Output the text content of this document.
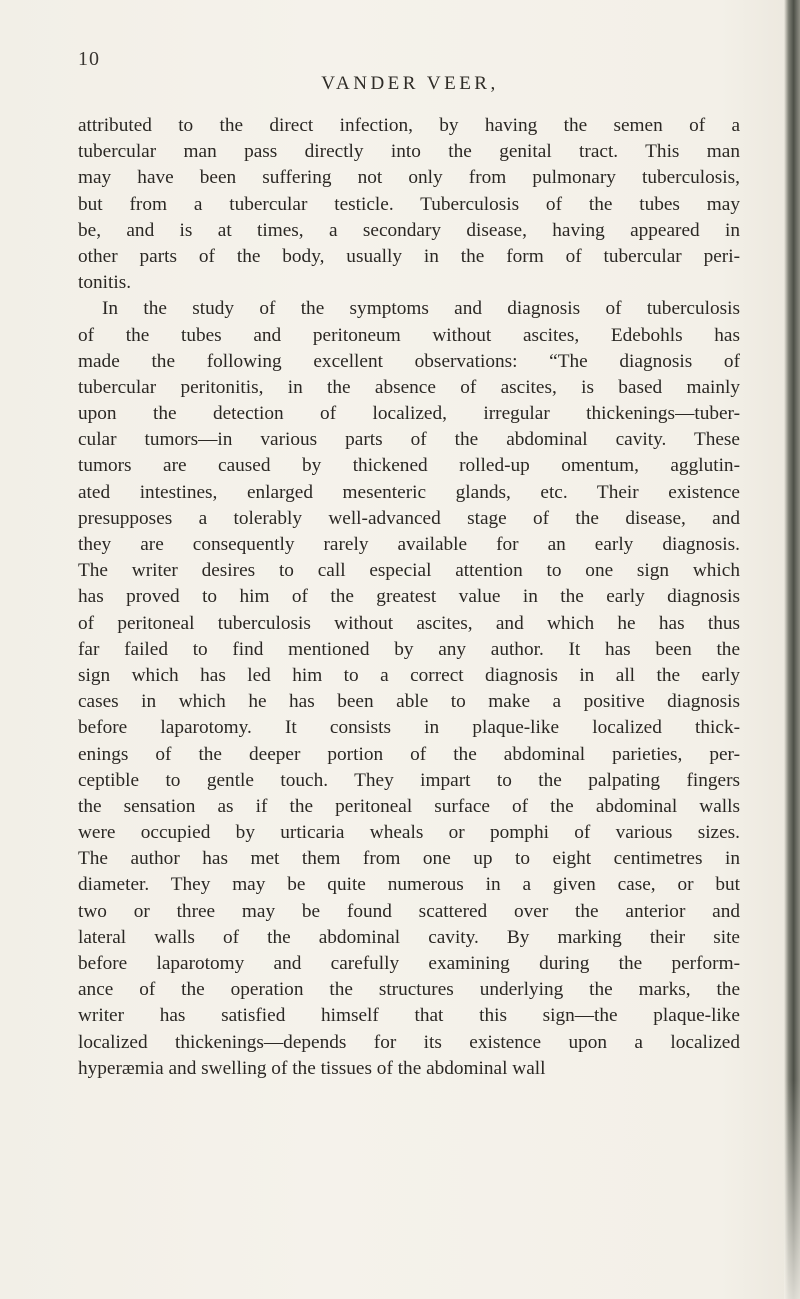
10
VANDER VEER,
attributed to the direct infection, by having the semen of a
tubercular man pass directly into the genital tract. This man
may have been suffering not only from pulmonary tuberculosis,
but from a tubercular testicle. Tuberculosis of the tubes may
be, and is at times, a secondary disease, having appeared in
other parts of the body, usually in the form of tubercular peri-
tonitis.
In the study of the symptoms and diagnosis of tuberculosis
of the tubes and peritoneum without ascites, Edebohls has
made the following excellent observations: “The diagnosis of
tubercular peritonitis, in the absence of ascites, is based mainly
upon the detection of localized, irregular thickenings—tuber-
cular tumors—in various parts of the abdominal cavity. These
tumors are caused by thickened rolled-up omentum, agglutin-
ated intestines, enlarged mesenteric glands, etc. Their existence
presupposes a tolerably well-advanced stage of the disease, and
they are consequently rarely available for an early diagnosis.
The writer desires to call especial attention to one sign which
has proved to him of the greatest value in the early diagnosis
of peritoneal tuberculosis without ascites, and which he has thus
far failed to find mentioned by any author. It has been the
sign which has led him to a correct diagnosis in all the early
cases in which he has been able to make a positive diagnosis
before laparotomy. It consists in plaque-like localized thick-
enings of the deeper portion of the abdominal parieties, per-
ceptible to gentle touch. They impart to the palpating fingers
the sensation as if the peritoneal surface of the abdominal walls
were occupied by urticaria wheals or pomphi of various sizes.
The author has met them from one up to eight centimetres in
diameter. They may be quite numerous in a given case, or but
two or three may be found scattered over the anterior and
lateral walls of the abdominal cavity. By marking their site
before laparotomy and carefully examining during the perform-
ance of the operation the structures underlying the marks, the
writer has satisfied himself that this sign—the plaque-like
localized thickenings—depends for its existence upon a localized
hyperæmia and swelling of the tissues of the abdominal wall
